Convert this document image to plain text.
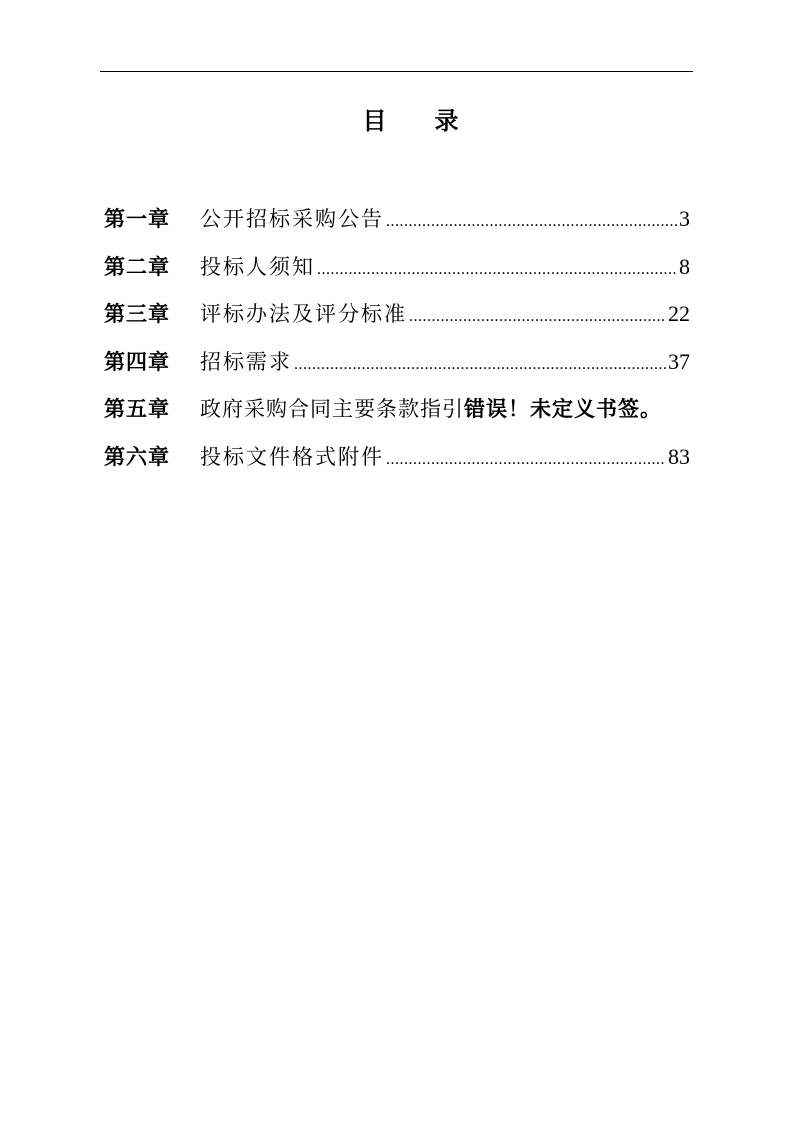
目 录
第一章	公开招标采购公告 .....	3
第二章	投标人须知 .....	8
第三章	评标办法及评分标准 .....	22
第四章	招标需求 .....	37
第五章	政府采购合同主要条款指引 错误！未定义书签。
第六章	投标文件格式附件 .....	83
